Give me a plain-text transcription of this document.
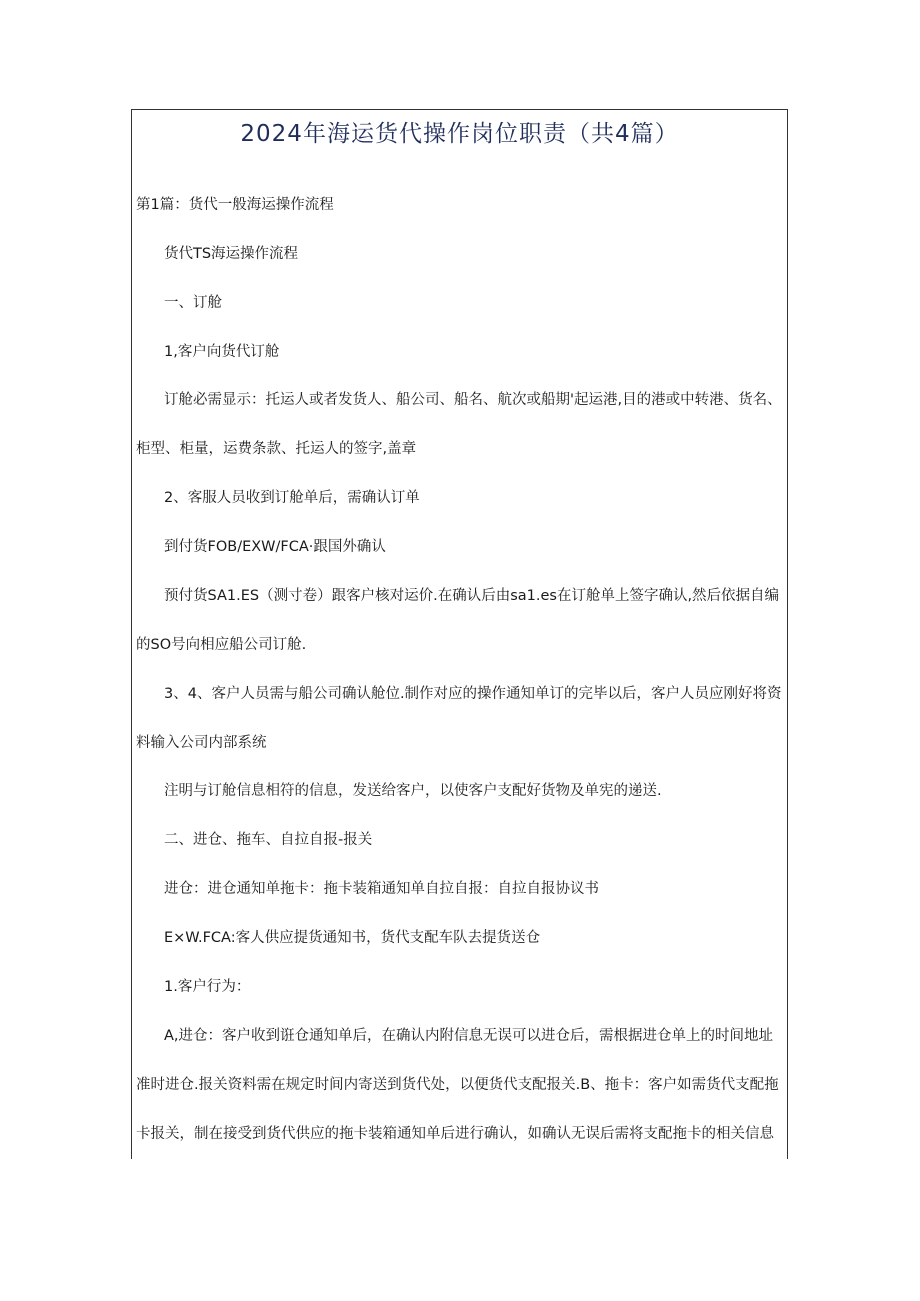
2024年海运货代操作岗位职责（共4篇）
第1篇：货代一般海运操作流程
货代TS海运操作流程
一、订舱
1,客户向货代订舱
订舱必需显示：托运人或者发货人、船公司、船名、航次或船期'起运港,目的港或中转港、货名、
柜型、柜量，运费条款、托运人的签字,盖章
2、客服人员收到订舱单后，需确认订单
到付货FOB/EXW/FCA·跟国外确认
预付货SA1.ES（测寸卷）跟客户核对运价.在确认后由sa1.es在订舱单上签字确认,然后依据自编
的SO号向相应船公司订舱.
3、4、客户人员需与船公司确认舱位.制作对应的操作通知单订的完毕以后，客户人员应刚好将资
料输入公司内部系统
注明与订舱信息相符的信息，发送给客户，以使客户支配好货物及单宪的递送.
二、进仓、拖车、自拉自报-报关
进仓：进仓通知单拖卡：拖卡装箱通知单自拉自报：自拉自报协议书
E×W.FCA:客人供应提货通知书，货代支配车队去提货送仓
1.客户行为：
A,进仓：客户收到诳仓通知单后，在确认内附信息无误可以进仓后，需根据进仓单上的时间地址
准时进仓.报关资料需在规定时间内寄送到货代处，以便货代支配报关.B、拖卡：客户如需货代支配拖
卡报关，制在接受到货代供应的拖卡装箱通知单后进行确认，如确认无误后需将支配拖卡的相关信息
